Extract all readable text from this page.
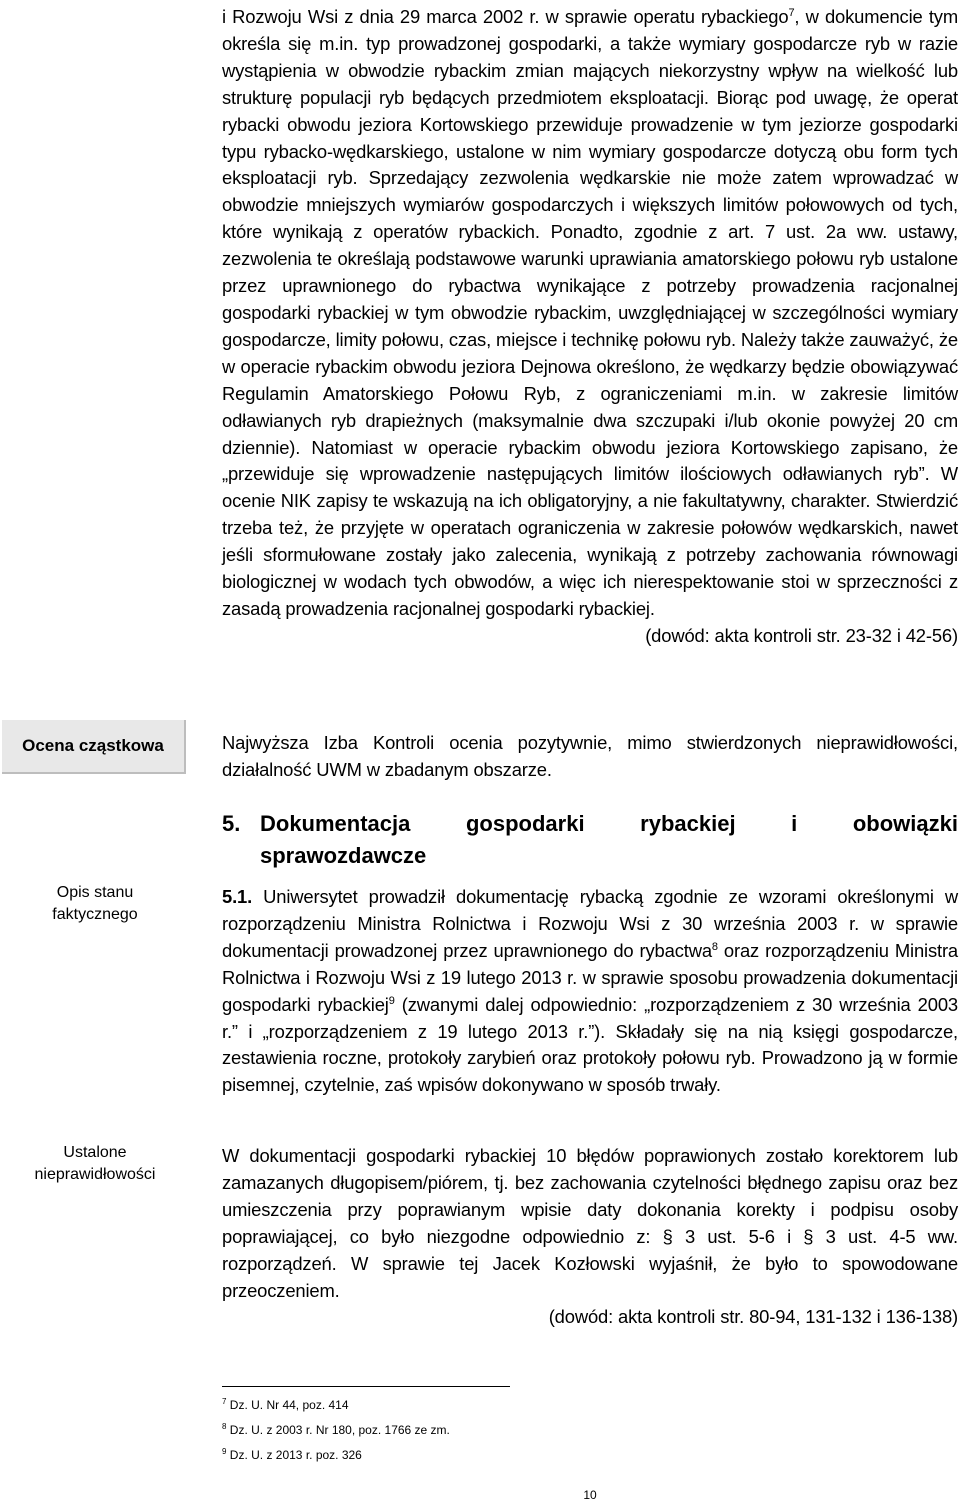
Ocena cząstkowa
Opis stanu
faktycznego
Ustalone
nieprawidłowości

i Rozwoju Wsi z dnia 29 marca 2002 r. w sprawie operatu rybackiego$^7$, w dokumencie tym określa się m.in. typ prowadzonej gospodarki, a także wymiary gospodarcze ryb w razie wystąpienia w obwodzie rybackim zmian mających niekorzystny wpływ na wielkość lub strukturę populacji ryb będących przedmiotem eksploatacji. Biorąc pod uwagę, że operat rybacki obwodu jeziora Kortowskiego przewiduje prowadzenie w tym jeziorze gospodarki typu rybacko-wędkarskiego, ustalone w nim wymiary gospodarcze dotyczą obu form tych eksploatacji ryb. Sprzedający zezwolenia wędkarskie nie może zatem wprowadzać w obwodzie mniejszych wymiarów gospodarczych i większych limitów połowowych od tych, które wynikają z operatów rybackich. Ponadto, zgodnie z art. 7 ust. 2a ww. ustawy, zezwolenia te określają podstawowe warunki uprawiania amatorskiego połowu ryb ustalone przez uprawnionego do rybactwa wynikające z potrzeby prowadzenia racjonalnej gospodarki rybackiej w tym obwodzie rybackim, uwzględniającej w szczególności wymiary gospodarcze, limity połowu, czas, miejsce i technikę połowu ryb. Należy także zauważyć, że w operacie rybackim obwodu jeziora Dejnowa określono, że wędkarzy będzie obowiązywać Regulamin Amatorskiego Połowu Ryb, z ograniczeniami m.in. w zakresie limitów odławianych ryb drapieżnych (maksymalnie dwa szczupaki i/lub okonie powyżej 20 cm dziennie). Natomiast w operacie rybackim obwodu jeziora Kortowskiego zapisano, że „przewiduje się wprowadzenie następujących limitów ilościowych odławianych ryb”. W ocenie NIK zapisy te wskazują na ich obligatoryjny, a nie fakultatywny, charakter. Stwierdzić trzeba też, że przyjęte w operatach ograniczenia w zakresie połowów wędkarskich, nawet jeśli sformułowane zostały jako zalecenia, wynikają z potrzeby zachowania równowagi biologicznej w wodach tych obwodów, a więc ich nierespektowanie stoi w sprzeczności z zasadą prowadzenia racjonalnej gospodarki rybackiej.

(dowód: akta kontroli str. 23-32 i 42-56)

Najwyższa Izba Kontroli ocenia pozytywnie, mimo stwierdzonych nieprawidłowości, działalność UWM w zbadanym obszarze.

5. Dokumentacja gospodarki rybackiej i obowiązki
sprawozdawcze

5.1. Uniwersytet prowadził dokumentację rybacką zgodnie ze wzorami określonymi w rozporządzeniu Ministra Rolnictwa i Rozwoju Wsi z 30 września 2003 r. w sprawie dokumentacji prowadzonej przez uprawnionego do rybactwa$^8$ oraz rozporządzeniu Ministra Rolnictwa i Rozwoju Wsi z 19 lutego 2013 r. w sprawie sposobu prowadzenia dokumentacji gospodarki rybackiej$^9$ (zwanymi dalej odpowiednio: „rozporządzeniem z 30 września 2003 r.” i „rozporządzeniem z 19 lutego 2013 r.”). Składały się na nią księgi gospodarcze, zestawienia roczne, protokoły zarybień oraz protokoły połowu ryb. Prowadzono ją w formie pisemnej, czytelnie, zaś wpisów dokonywano w sposób trwały.

W dokumentacji gospodarki rybackiej 10 błędów poprawionych zostało korektorem lub zamazanych długopisem/piórem, tj. bez zachowania czytelności błędnego zapisu oraz bez umieszczenia przy poprawianym wpisie daty dokonania korekty i podpisu osoby poprawiającej, co było niezgodne odpowiednio z: § 3 ust. 5-6 i § 3 ust. 4-5 ww. rozporządzeń. W sprawie tej Jacek Kozłowski wyjaśnił, że było to spowodowane przeoczeniem.

(dowód: akta kontroli str. 80-94, 131-132 i 136-138)

$^7$ Dz. U. Nr 44, poz. 414
$^8$ Dz. U. z 2003 r. Nr 180, poz. 1766 ze zm.
$^9$ Dz. U. z 2013 r. poz. 326
10
